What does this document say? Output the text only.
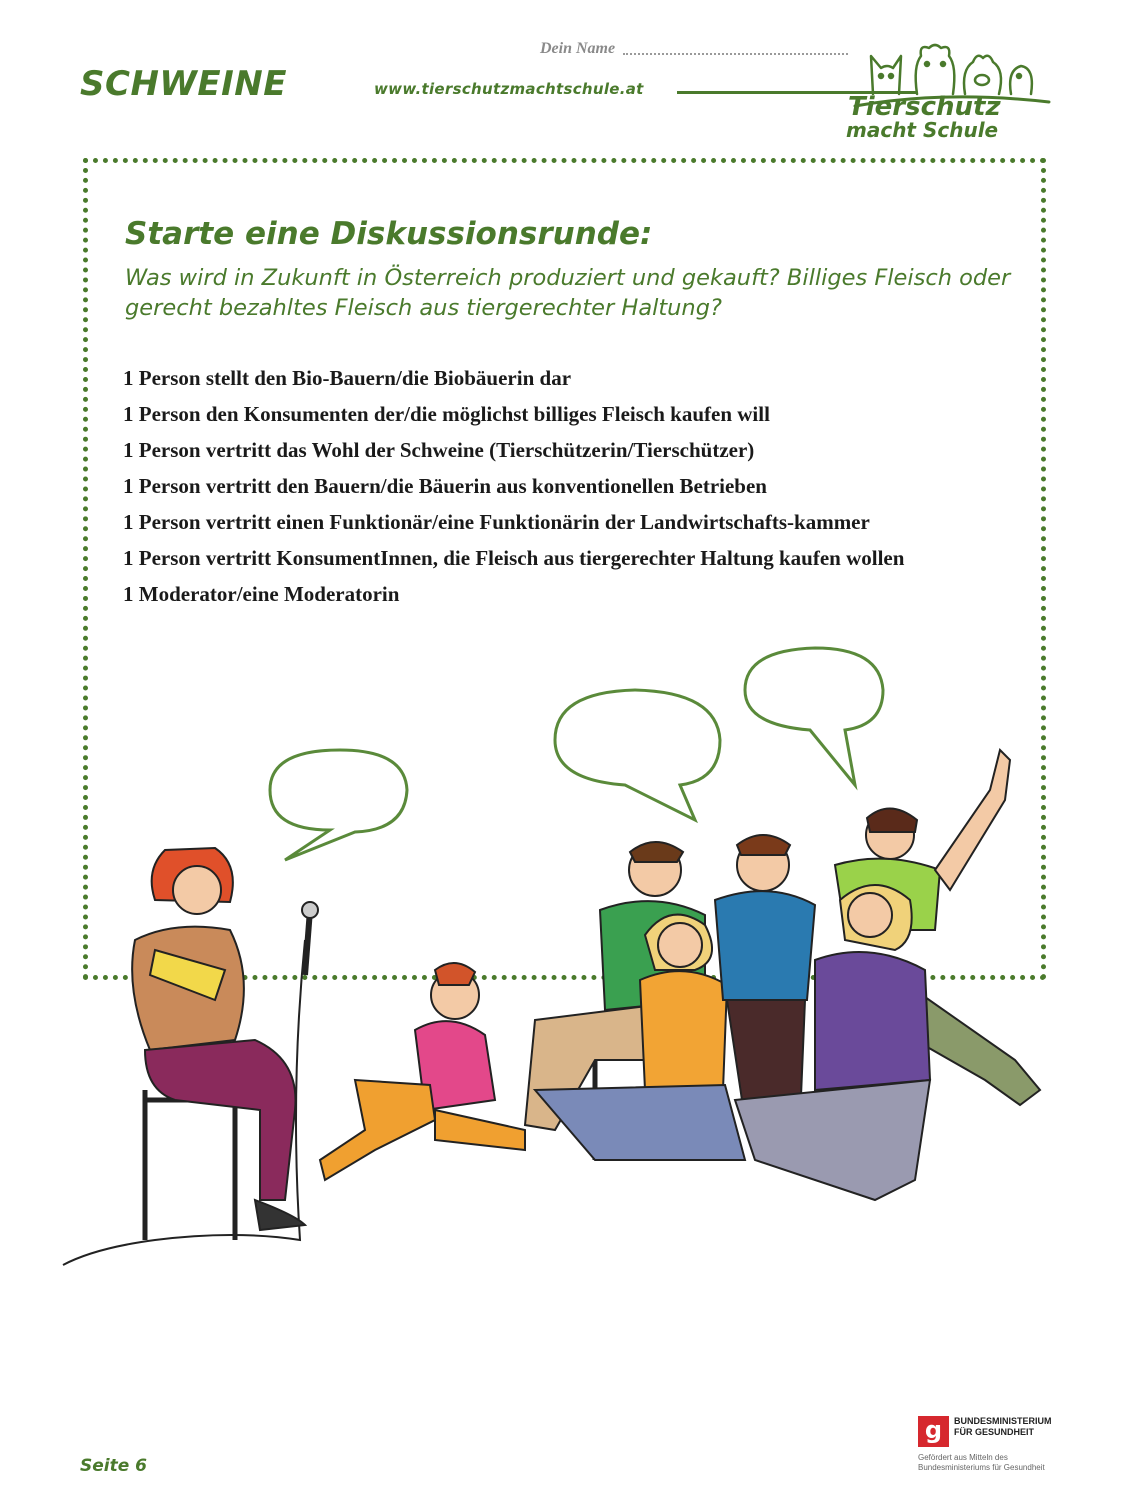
SCHWEINE
Dein Name
www.tierschutzmachtschule.at
Tierschutz
macht Schule
Starte eine Diskussionsrunde:
Was wird in Zukunft in Österreich produziert und gekauft? Billiges Fleisch oder gerecht bezahltes Fleisch aus tiergerechter Haltung?
1 Person stellt den Bio-Bauern/die Biobäuerin dar
1 Person den Konsumenten der/die möglichst billiges Fleisch kaufen will
1 Person vertritt das Wohl der Schweine (Tierschützerin/Tierschützer)
1 Person vertritt den Bauern/die Bäuerin aus konventionellen Betrieben
1 Person vertritt einen Funktionär/eine Funktionärin der Landwirtschafts-kammer
1 Person vertritt KonsumentInnen, die Fleisch aus tiergerechter Haltung kaufen wollen
1 Moderator/eine Moderatorin
Seite 6
g BUNDESMINISTERIUM FÜR GESUNDHEIT
Gefördert aus Mitteln des Bundesministeriums für Gesundheit
